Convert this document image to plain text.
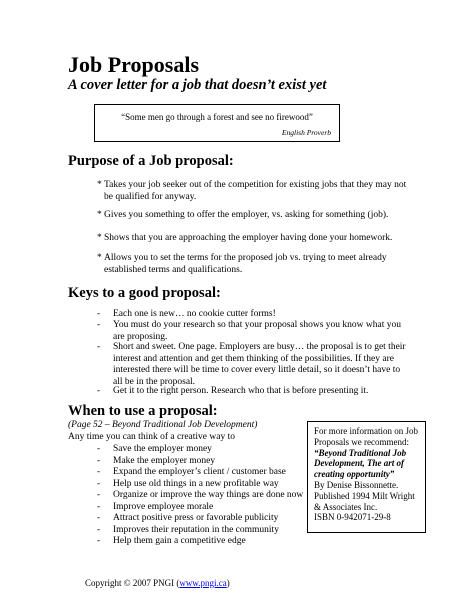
Job Proposals
A cover letter for a job that doesn’t exist yet
“Some men go through a forest and see no firewood”
English Proverb
Purpose of a Job proposal:
* Takes your job seeker out of the competition for existing jobs that they may not be qualified for anyway.
* Gives you something to offer the employer, vs. asking for something (job).
* Shows that you are approaching the employer having done your homework.
* Allows you to set the terms for the proposed job vs. trying to meet already established terms and qualifications.
Keys to a good proposal:
- Each one is new… no cookie cutter forms!
- You must do your research so that your proposal shows you know what you are proposing.
- Short and sweet. One page. Employers are busy… the proposal is to get their interest and attention and get them thinking of the possibilities. If they are interested there will be time to cover every little detail, so it doesn’t have to all be in the proposal.
- Get it to the right person. Research who that is before presenting it.
When to use a proposal:
(Page 52 – Beyond Traditional Job Development)
Any time you can think of a creative way to
- Save the employer money
- Make the employer money
- Expand the employer’s client / customer base
- Help use old things in a new profitable way
- Organize or improve the way things are done now
- Improve employee morale
- Attract positive press or favorable publicity
- Improves their reputation in the community
- Help them gain a competitive edge
For more information on Job Proposals we recommend:
“Beyond Traditional Job Development, The art of creating opportunity”
By Denise Bissonnette.
Published 1994 Milt Wright & Associates Inc.
ISBN 0-942071-29-8
Copyright © 2007 PNGI (www.pngi.ca)
